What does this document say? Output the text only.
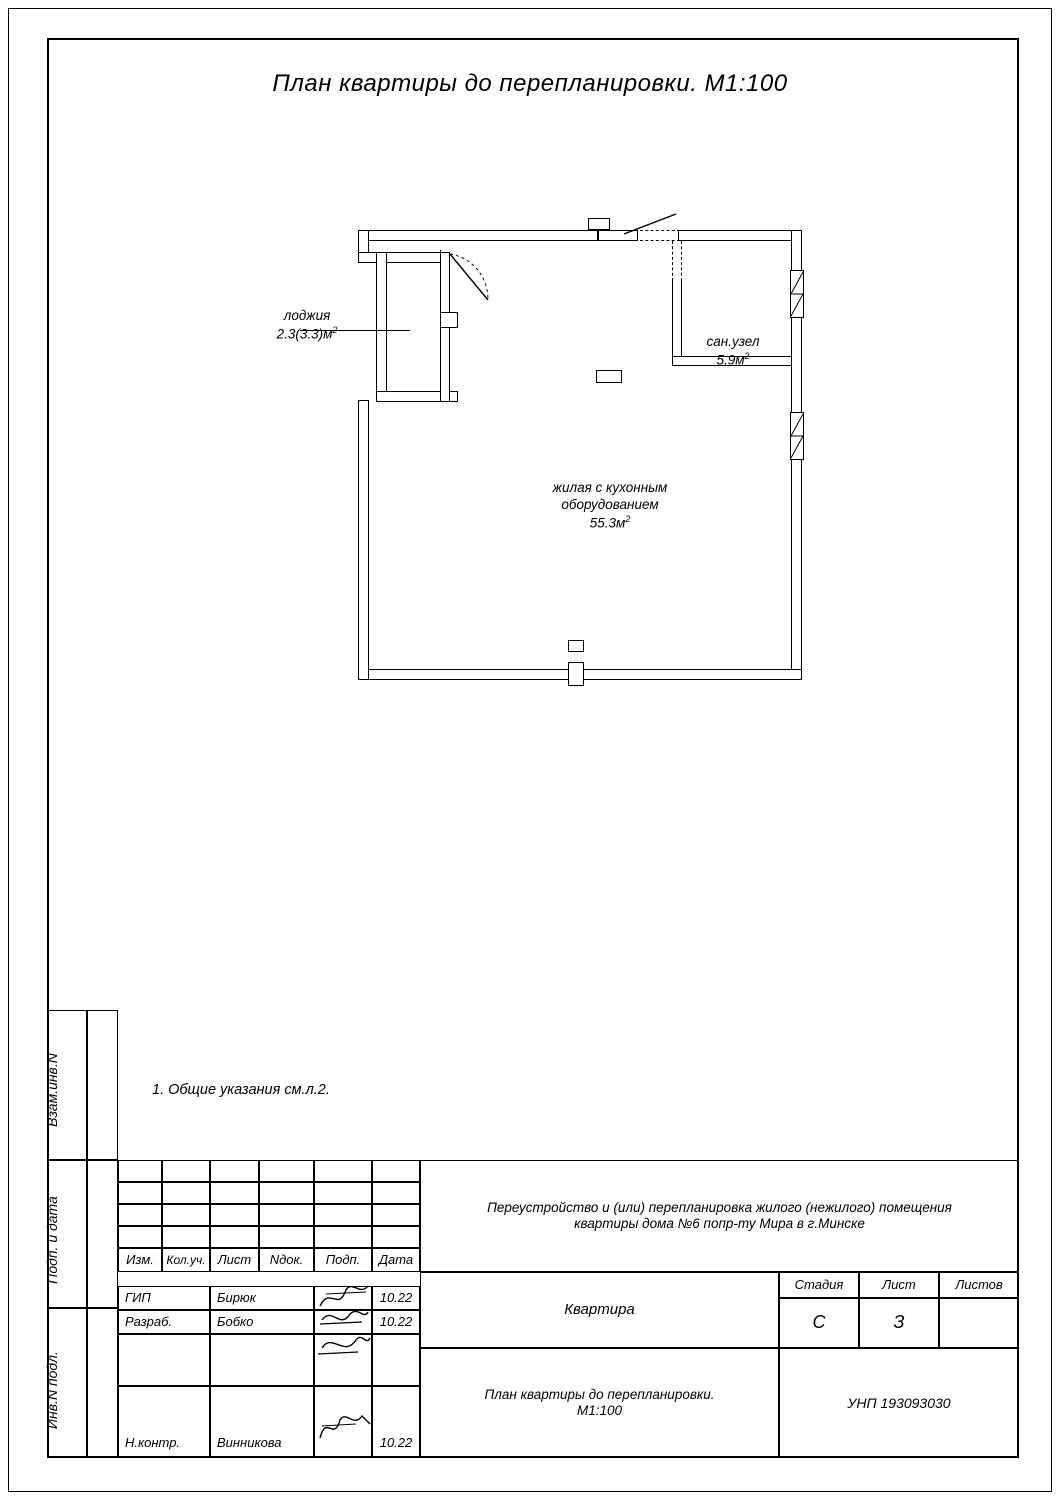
План квартиры до перепланировки. М1:100
Взам.инв.N
Подп. и дата
Инв.N подл.
1. Общие указания см.л.2.
лоджия
$2.3(3.3)м^2$
сан.узел
$5.9м^2$
жилая с кухонным
оборудованием
$55.3м^2$
Изм.	Кол.уч. Лист	Nдок.	Подп.	Дата
ГИП	Бирюк	10.22
Разраб.	Бобко	10.22
Н.контр.	Винникова	10.22
Переустройство и (или) перепланировка жилого (нежилого) помещения
квартиры дома №6 попр-ту Мира в г.Минске
Квартира
Стадия	Лист	Листов
С	З
План квартиры до перепланировки.
М1:100	УНП 193093030
